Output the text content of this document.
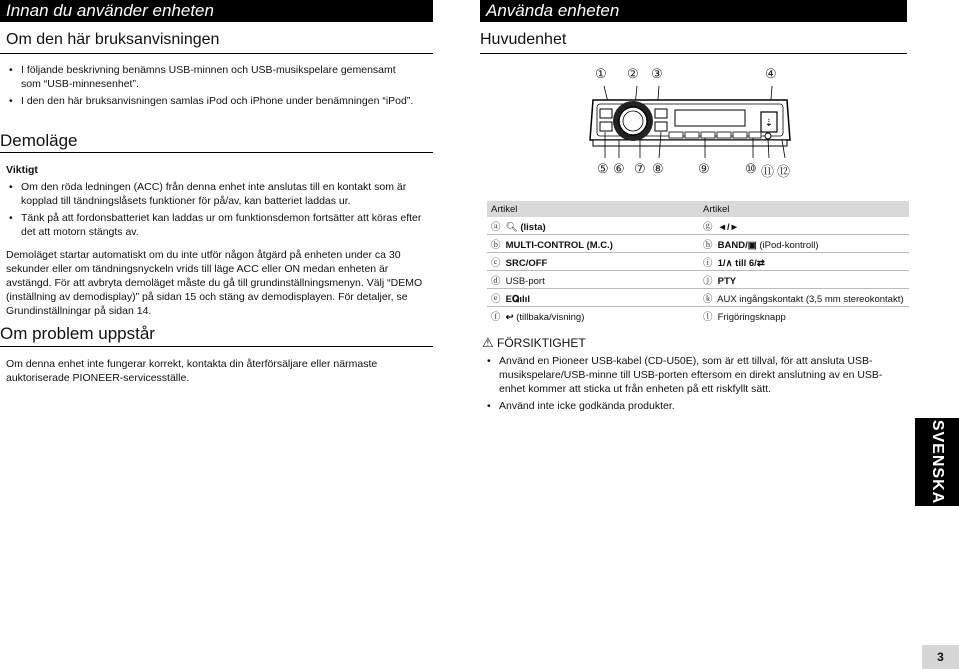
Innan du använder enheten
Om den här bruksanvisningen
• I följande beskrivning benämns USB-minnen och USB-musikspelare gemensamt som “USB-minnesenhet”.
• I den den här bruksanvisningen samlas iPod och iPhone under benämningen “iPod”.
Demoläge
Viktigt
• Om den röda ledningen (ACC) från denna enhet inte anslutas till en kontakt som är kopplad till tändningslåsets funktioner för på/av, kan batteriet laddas ur.
• Tänk på att fordonsbatteriet kan laddas ur om funktionsdemon fortsätter att köras efter det att motorn stängts av.
Demoläget startar automatiskt om du inte utför någon åtgärd på enheten under ca 30 sekunder eller om tändningsnyckeln vrids till läge ACC eller ON medan enheten är avstängd. För att avbryta demoläget måste du gå till grundinställningsmenyn. Välj “DEMO (inställning av demodisplay)” på sidan 15 och stäng av demodisplayen. För detaljer, se Grundinställningar på sidan 14.
Om problem uppstår
Om denna enhet inte fungerar korrekt, kontakta din återförsäljare eller närmaste auktoriserade PIONEER-servicesställe.
Använda enheten
Huvudenhet
① ② ③	④
⇣
⑤ ⑥ ⑦ ⑧	⑨	⑩ ⑪ ⑫
Artikel	Artikel
ⓐ 🔍︎ (lista)	ⓖ ◄/►
ⓑ MULTI-CONTROL (M.C.)	ⓗ BAND/▣ (iPod-kontroll)
ⓒ SRC/OFF	ⓘ 1/∧ till 6/⇄
ⓓ USB-port	ⓙ PTY
ⓔ Ε𝐐ılıl	ⓚ AUX ingångskontakt (3,5 mm stereokontakt)
ⓕ ↩ (tillbaka/visning)	ⓛ Frigöringsknapp
⚠ FÖRSIKTIGHET
• Använd en Pioneer USB-kabel (CD-U50E), som är ett tillval, för att ansluta USB-musikspelare/USB-minne till USB-porten eftersom en direkt anslutning av en USB-enhet kommer att sticka ut från enheten på ett riskfyllt sätt.
• Använd inte icke godkända produkter.
SVENSKA
3
